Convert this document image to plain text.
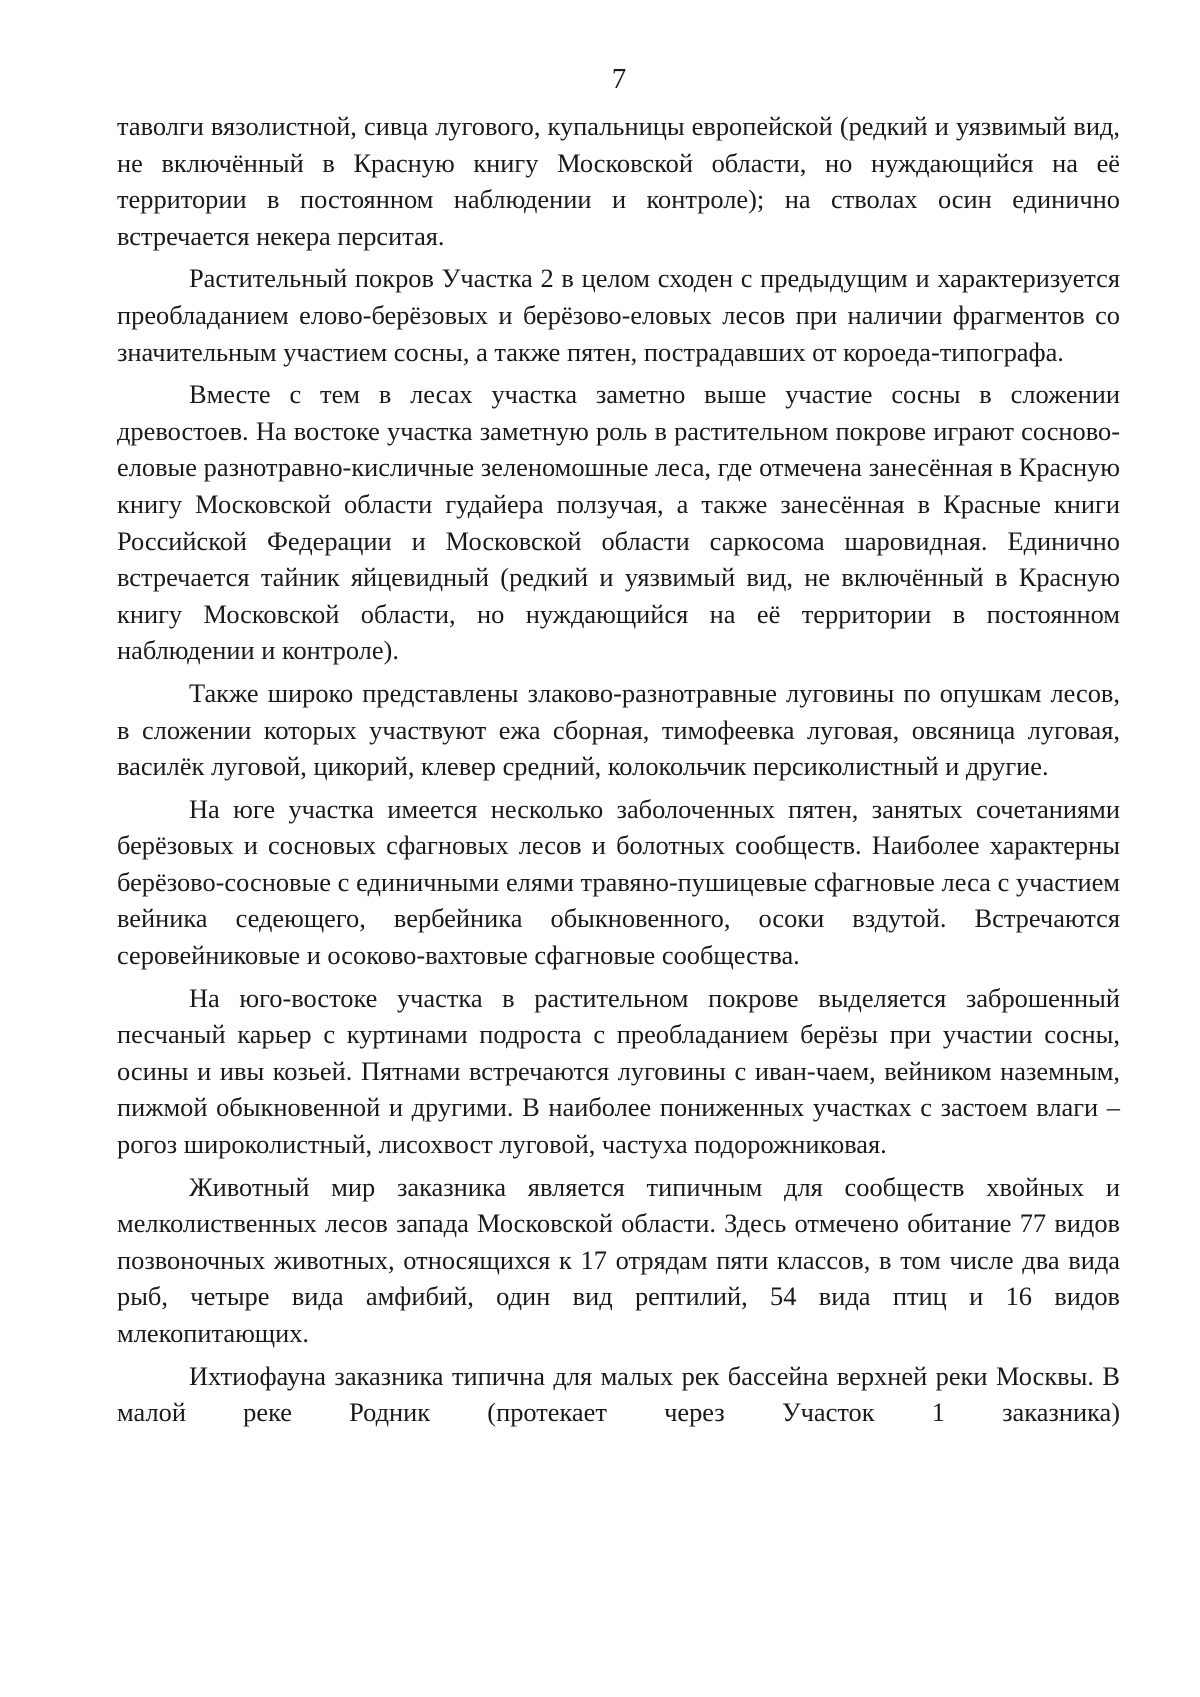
7

таволги вязолистной, сивца лугового, купальницы европейской (редкий и уязвимый вид, не включённый в Красную книгу Московской области, но нуждающийся на её территории в постоянном наблюдении и контроле); на стволах осин единично встречается некера перситая.

Растительный покров Участка 2 в целом сходен с предыдущим и характеризуется преобладанием елово-берёзовых и берёзово-еловых лесов при наличии фрагментов со значительным участием сосны, а также пятен, пострадавших от короеда-типографа.

Вместе с тем в лесах участка заметно выше участие сосны в сложении древостоев. На востоке участка заметную роль в растительном покрове играют сосново-еловые разнотравно-кисличные зеленомошные леса, где отмечена занесённая в Красную книгу Московской области гудайера ползучая, а также занесённая в Красные книги Российской Федерации и Московской области саркосома шаровидная. Единично встречается тайник яйцевидный (редкий и уязвимый вид, не включённый в Красную книгу Московской области, но нуждающийся на её территории в постоянном наблюдении и контроле).

Также широко представлены злаково-разнотравные луговины по опушкам лесов, в сложении которых участвуют ежа сборная, тимофеевка луговая, овсяница луговая, василёк луговой, цикорий, клевер средний, колокольчик персиколистный и другие.

На юге участка имеется несколько заболоченных пятен, занятых сочетаниями берёзовых и сосновых сфагновых лесов и болотных сообществ. Наиболее характерны берёзово-сосновые с единичными елями травяно-пушицевые сфагновые леса с участием вейника седеющего, вербейника обыкновенного, осоки вздутой. Встречаются серовейниковые и осоково-вахтовые сфагновые сообщества.

На юго-востоке участка в растительном покрове выделяется заброшенный песчаный карьер с куртинами подроста с преобладанием берёзы при участии сосны, осины и ивы козьей. Пятнами встречаются луговины с иван-чаем, вейником наземным, пижмой обыкновенной и другими. В наиболее пониженных участках с застоем влаги – рогоз широколистный, лисохвост луговой, частуха подорожниковая.

Животный мир заказника является типичным для сообществ хвойных и мелколиственных лесов запада Московской области. Здесь отмечено обитание 77 видов позвоночных животных, относящихся к 17 отрядам пяти классов, в том числе два вида рыб, четыре вида амфибий, один вид рептилий, 54 вида птиц и 16 видов млекопитающих.

Ихтиофауна заказника типична для малых рек бассейна верхней реки Москвы. В малой реке Родник (протекает через Участок 1 заказника)
